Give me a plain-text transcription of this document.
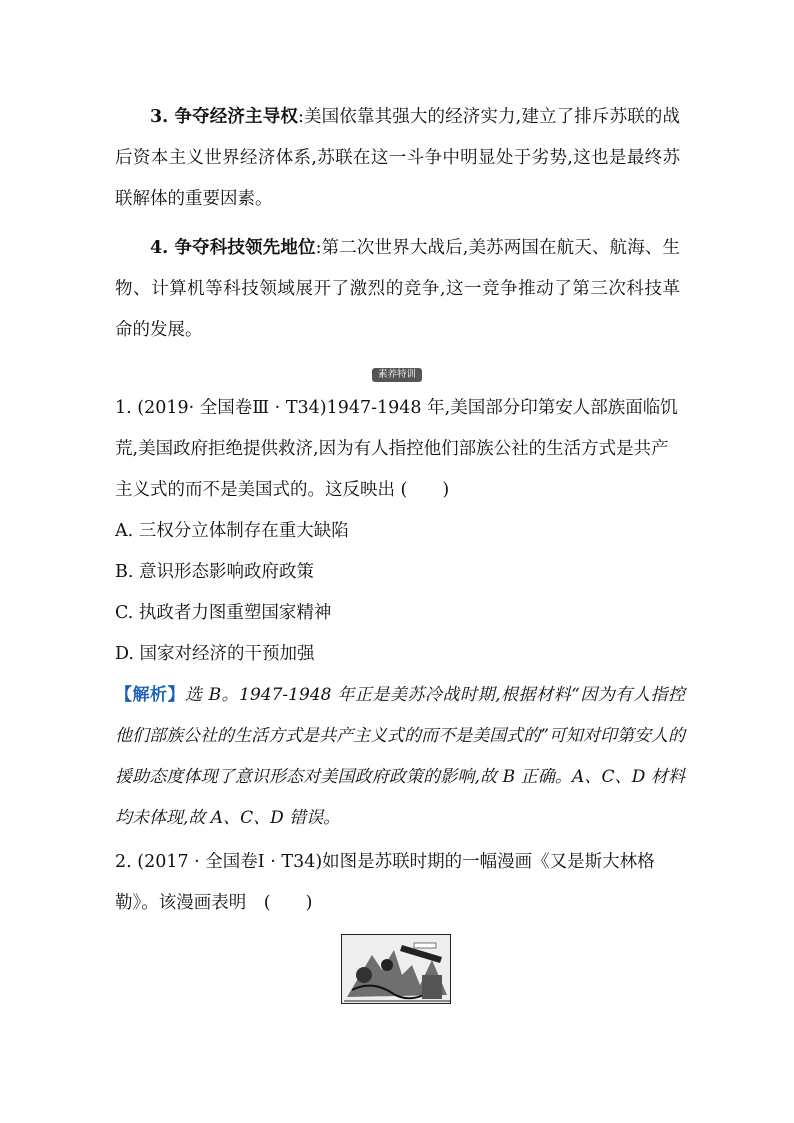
3. 争夺经济主导权:美国依靠其强大的经济实力,建立了排斥苏联的战后资本主义世界经济体系,苏联在这一斗争中明显处于劣势,这也是最终苏联解体的重要因素。
4. 争夺科技领先地位:第二次世界大战后,美苏两国在航天、航海、生物、计算机等科技领域展开了激烈的竞争,这一竞争推动了第三次科技革命的发展。
素养特训
1. (2019· 全国卷Ⅲ · T34)1947-1948 年,美国部分印第安人部族面临饥荒,美国政府拒绝提供救济,因为有人指控他们部族公社的生活方式是共产主义式的而不是美国式的。这反映出 (　　)
A. 三权分立体制存在重大缺陷
B. 意识形态影响政府政策
C. 执政者力图重塑国家精神
D. 国家对经济的干预加强
【解析】选 B。1947-1948 年正是美苏冷战时期,根据材料“因为有人指控他们部族公社的生活方式是共产主义式的而不是美国式的”可知对印第安人的援助态度体现了意识形态对美国政府政策的影响,故 B 正确。A、C、D 材料均未体现,故 A、C、D 错误。
2. (2017 · 全国卷Ⅰ · T34)如图是苏联时期的一幅漫画《又是斯大林格勒》。该漫画表明　(　　)
